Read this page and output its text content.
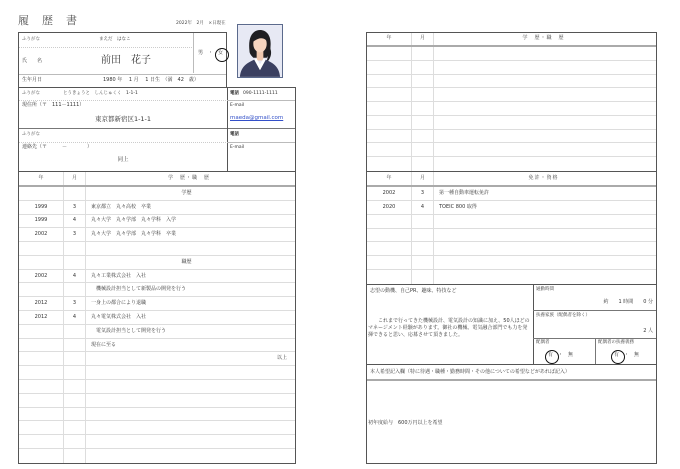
履　歴　書	2022年　2月　×日現在
ふりがな	まえだ　はなこ
氏　　名	前田　花子
男 ・ 女
生年月日	1980 年　 1 月　 1 日生　（満　42　歳）
ふりがな	とうきょうと　しんじゅくく　1-1-1
現住所（〒　111－1111）
東京都新宿区1-1-1
ふりがな
連絡先（〒　　　－　　　　）
同上
電話 090-1111-1111
E-mail
maeda@gmail.com
電話
E-mail
年	月	学　歴・職　歴
学歴
1999	3	東京都立　丸々高校　卒業
1999	4	丸々大学　丸々学部　丸々学科　入学
2002	3	丸々大学　丸々学部　丸々学科　卒業
職歴
2002	4	丸々工業株式会社　入社
　機械設計担当として新製品の開発を行う
2012	3	一身上の都合により退職
2012	4	丸々電気株式会社　入社
　電気設計担当として開発を行う
現在に至る
以上
年	月	学　歴・職　歴
年	月	免許・資格
2002	3	第一種自動車運転免許
2020	4	TOEIC 800 取得
志望の動機、自己PR、趣味、特技など
これまで行ってきた機械設計、電気設計の知識に加え、50人ほどのマネージメント経験があります。御社の機械、電気融合部門でも力を発揮できると思い、応募させて頂きました。
通勤時間
約　　1 時間　　0 分
扶養家族（配偶者を除く）
2 人
配偶者
有 ・ 無
配偶者の扶養義務
有 ・ 無
本人希望記入欄（特に待遇・職種・勤務時間・その他についての希望などがあれば記入）
初年度給与　600万円以上を希望
